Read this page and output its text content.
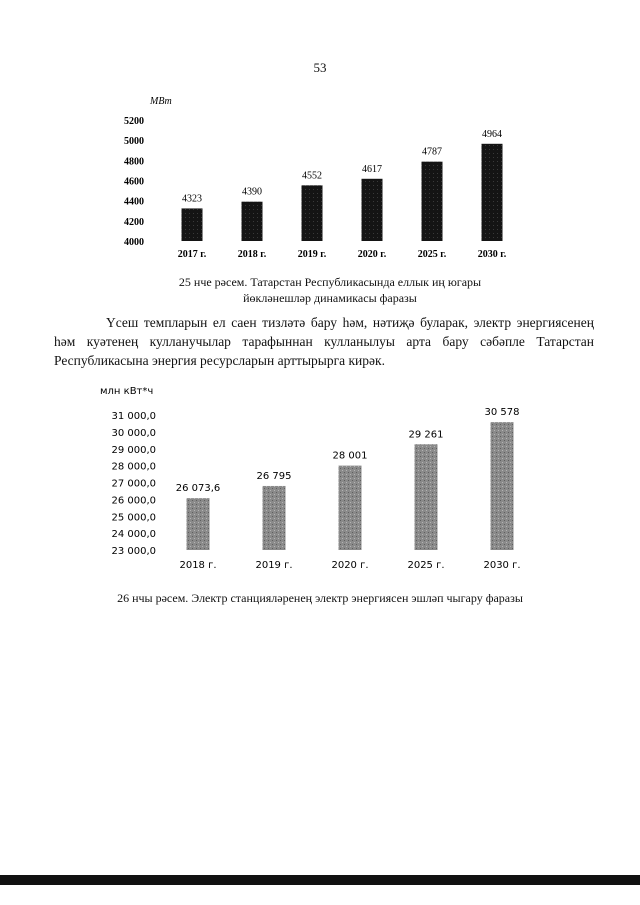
53
МВт
4000
4200
4400
4600
4800
5000
5200
4323
4390
4552
4617
4787
4964
2017 г.	2018 г.	2019 г.	2020 г.	2025 г.	2030 г.
25 нче рәсем. Татарстан Республикасында еллык иң югары
йөкләнешләр динамикасы фаразы
Үсеш темпларын ел саен тизләтә бару һәм, нәтиҗә буларак, электр энергиясенең һәм куәтенең кулланучылар тарафыннан кулланылуы арта бару сәбәпле Татарстан Республикасына энергия ресурсларын арттырырга кирәк.
млн кВт*ч
23 000,0
24 000,0
25 000,0
26 000,0
27 000,0
28 000,0
29 000,0
30 000,0
31 000,0
26 073,6
26 795
28 001
29 261
30 578
2018 г.	2019 г.	2020 г.	2025 г.	2030 г.
26 нчы рәсем. Электр станцияләренең электр энергиясен эшләп чыгару фаразы
